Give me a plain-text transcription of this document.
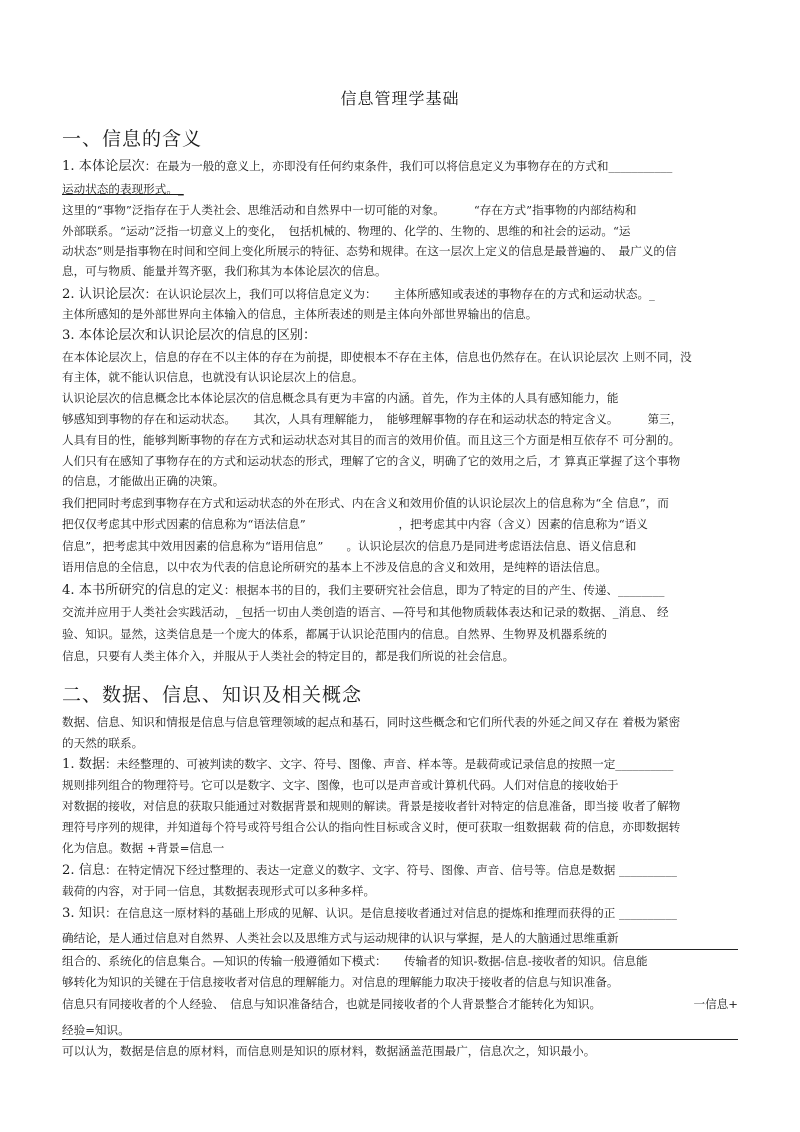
信息管理学基础
一、信息的含义
1. 本体论层次：在最为一般的意义上，亦即没有任何约束条件，我们可以将信息定义为事物存在的方式和___________
运动状态的表现形式。_
这里的“事物”泛指存在于人类社会、思维活动和自然界中一切可能的对象。　　　“存在方式”指事物的内部结构和
外部联系。“运动”泛指一切意义上的变化，　包括机械的、物理的、化学的、生物的、思维的和社会的运动。“运
动状态”则是指事物在时间和空间上变化所展示的特征、态势和规律。在这一层次上定义的信息是最普遍的、　最广义的信
息，可与物质、能量并驾齐驱，我们称其为本体论层次的信息。
2. 认识论层次：在认识论层次上，我们可以将信息定义为：　　主体所感知或表述的事物存在的方式和运动状态。_
主体所感知的是外部世界向主体输入的信息，主体所表述的则是主体向外部世界输出的信息。
3. 本体论层次和认识论层次的信息的区别：
在本体论层次上，信息的存在不以主体的存在为前提，即使根本不存在主体，信息也仍然存在。在认识论层次 上则不同，没
有主体，就不能认识信息，也就没有认识论层次上的信息。
认识论层次的信息概念比本体论层次的信息概念具有更为丰富的内涵。首先，作为主体的人具有感知能力，能
够感知到事物的存在和运动状态。　　其次，人具有理解能力，　能够理解事物的存在和运动状态的特定含义。　　　第三，
人具有目的性，能够判断事物的存在方式和运动状态对其目的而言的效用价值。而且这三个方面是相互依存不 可分割的。
人们只有在感知了事物存在的方式和运动状态的形式，理解了它的含义，明确了它的效用之后，才 算真正掌握了这个事物
的信息，才能做出正确的决策。
我们把同时考虑到事物存在方式和运动状态的外在形式、内在含义和效用价值的认识论层次上的信息称为“全 信息”，而
把仅仅考虑其中形式因素的信息称为“语法信息”　　　　　　　　，把考虑其中内容（含义）因素的信息称为“语义
信息”，把考虑其中效用因素的信息称为“语用信息”　　。认识论层次的信息乃是同进考虑语法信息、语义信息和
语用信息的全信息，以中农为代表的信息论所研究的基本上不涉及信息的含义和效用，是纯粹的语法信息。
4. 本书所研究的信息的定义：根据本书的目的，我们主要研究社会信息，即为了特定的目的产生、传递、________
交流并应用于人类社会实践活动，_包括一切由人类创造的语言、—符号和其他物质载体表达和记录的数据、_消息、 经
验、知识。显然，这类信息是一个庞大的体系，都属于认识论范围内的信息。自然界、生物界及机器系统的
信息，只要有人类主体介入，并服从于人类社会的特定目的，都是我们所说的社会信息。
二、数据、信息、知识及相关概念
数据、信息、知识和情报是信息与信息管理领域的起点和基石，同时这些概念和它们所代表的外延之间又存在 着极为紧密
的天然的联系。
1. 数据：未经整理的、可被判读的数字、文字、符号、图像、声音、样本等。是载荷或记录信息的按照一定__________
规则排列组合的物理符号。它可以是数字、文字、图像，也可以是声音或计算机代码。人们对信息的接收始于
对数据的接收，对信息的获取只能通过对数据背景和规则的解读。背景是接收者针对特定的信息准备，即当接 收者了解物
理符号序列的规律，并知道每个符号或符号组合公认的指向性目标或含义时，便可获取一组数据载 荷的信息，亦即数据转
化为信息。数据 +背景=信息一
2. 信息：在特定情况下经过整理的、表达一定意义的数字、文字、符号、图像、声音、信号等。信息是数据 __________
载荷的内容，对于同一信息，其数据表现形式可以多种多样。
3. 知识：在信息这一原材料的基础上形成的见解、认识。是信息接收者通过对信息的提炼和推理而获得的正 __________
确结论，是人通过信息对自然界、人类社会以及思维方式与运动规律的认识与掌握，是人的大脑通过思维重新
组合的、系统化的信息集合。—知识的传输一般遵循如下模式：　　传输者的知识-数据-信息-接收者的知识。信息能
够转化为知识的关键在于信息接收者对信息的理解能力。对信息的理解能力取决于接收者的信息与知识准备。
信息只有同接收者的个人经验、　信息与知识准备结合，也就是同接收者的个人背景整合才能转化为知识。	一信息+
经验=知识。
可以认为，数据是信息的原材料，而信息则是知识的原材料，数据涵盖范围最广，信息次之，知识最小。
